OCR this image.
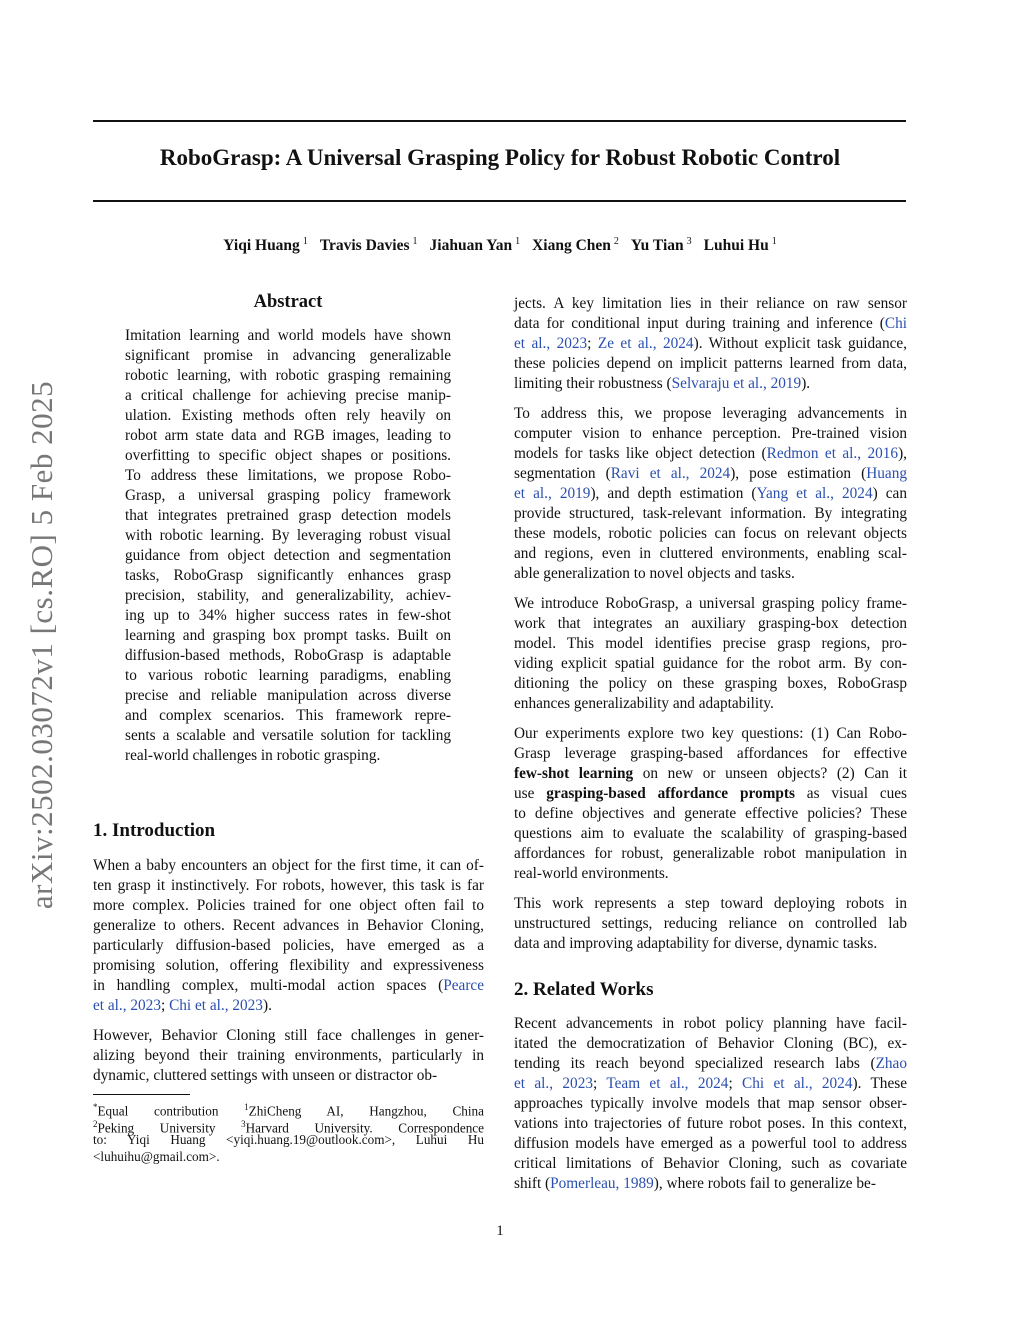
arXiv:2502.03072v1 [cs.RO] 5 Feb 2025
RoboGrasp: A Universal Grasping Policy for Robust Robotic Control
Yiqi Huang $^1$ Travis Davies $^1$ Jiahuan Yan $^1$ Xiang Chen $^2$ Yu Tian $^3$ Luhui Hu $^1$
Abstract
Imitation learning and world models have shown
significant promise in advancing generalizable
robotic learning, with robotic grasping remaining
a critical challenge for achieving precise manip-
ulation. Existing methods often rely heavily on
robot arm state data and RGB images, leading to
overfitting to specific object shapes or positions.
To address these limitations, we propose Robo-
Grasp, a universal grasping policy framework
that integrates pretrained grasp detection models
with robotic learning. By leveraging robust visual
guidance from object detection and segmentation
tasks, RoboGrasp significantly enhances grasp
precision, stability, and generalizability, achiev-
ing up to 34% higher success rates in few-shot
learning and grasping box prompt tasks. Built on
diffusion-based methods, RoboGrasp is adaptable
to various robotic learning paradigms, enabling
precise and reliable manipulation across diverse
and complex scenarios. This framework repre-
sents a scalable and versatile solution for tackling
real-world challenges in robotic grasping.
1. Introduction
When a baby encounters an object for the first time, it can of-
ten grasp it instinctively. For robots, however, this task is far
more complex. Policies trained for one object often fail to
generalize to others. Recent advances in Behavior Cloning,
particularly diffusion-based policies, have emerged as a
promising solution, offering flexibility and expressiveness
in handling complex, multi-modal action spaces (Pearce
et al., 2023; Chi et al., 2023).
However, Behavior Cloning still face challenges in gener-
alizing beyond their training environments, particularly in
dynamic, cluttered settings with unseen or distractor ob-
*Equal contribution $^1$ZhiCheng AI, Hangzhou, China
$^2$Peking University $^3$Harvard University. Correspondence
to: Yiqi Huang <yiqi.huang.19@outlook.com>, Luhui Hu
<luhuihu@gmail.com>.
jects. A key limitation lies in their reliance on raw sensor
data for conditional input during training and inference (Chi
et al., 2023; Ze et al., 2024). Without explicit task guidance,
these policies depend on implicit patterns learned from data,
limiting their robustness (Selvaraju et al., 2019).
To address this, we propose leveraging advancements in
computer vision to enhance perception. Pre-trained vision
models for tasks like object detection (Redmon et al., 2016),
segmentation (Ravi et al., 2024), pose estimation (Huang
et al., 2019), and depth estimation (Yang et al., 2024) can
provide structured, task-relevant information. By integrating
these models, robotic policies can focus on relevant objects
and regions, even in cluttered environments, enabling scal-
able generalization to novel objects and tasks.
We introduce RoboGrasp, a universal grasping policy frame-
work that integrates an auxiliary grasping-box detection
model. This model identifies precise grasp regions, pro-
viding explicit spatial guidance for the robot arm. By con-
ditioning the policy on these grasping boxes, RoboGrasp
enhances generalizability and adaptability.
Our experiments explore two key questions: (1) Can Robo-
Grasp leverage grasping-based affordances for effective
few-shot learning on new or unseen objects? (2) Can it
use grasping-based affordance prompts as visual cues
to define objectives and generate effective policies? These
questions aim to evaluate the scalability of grasping-based
affordances for robust, generalizable robot manipulation in
real-world environments.
This work represents a step toward deploying robots in
unstructured settings, reducing reliance on controlled lab
data and improving adaptability for diverse, dynamic tasks.
2. Related Works
Recent advancements in robot policy planning have facil-
itated the democratization of Behavior Cloning (BC), ex-
tending its reach beyond specialized research labs (Zhao
et al., 2023; Team et al., 2024; Chi et al., 2024). These
approaches typically involve models that map sensor obser-
vations into trajectories of future robot poses. In this context,
diffusion models have emerged as a powerful tool to address
critical limitations of Behavior Cloning, such as covariate
shift (Pomerleau, 1989), where robots fail to generalize be-
1
